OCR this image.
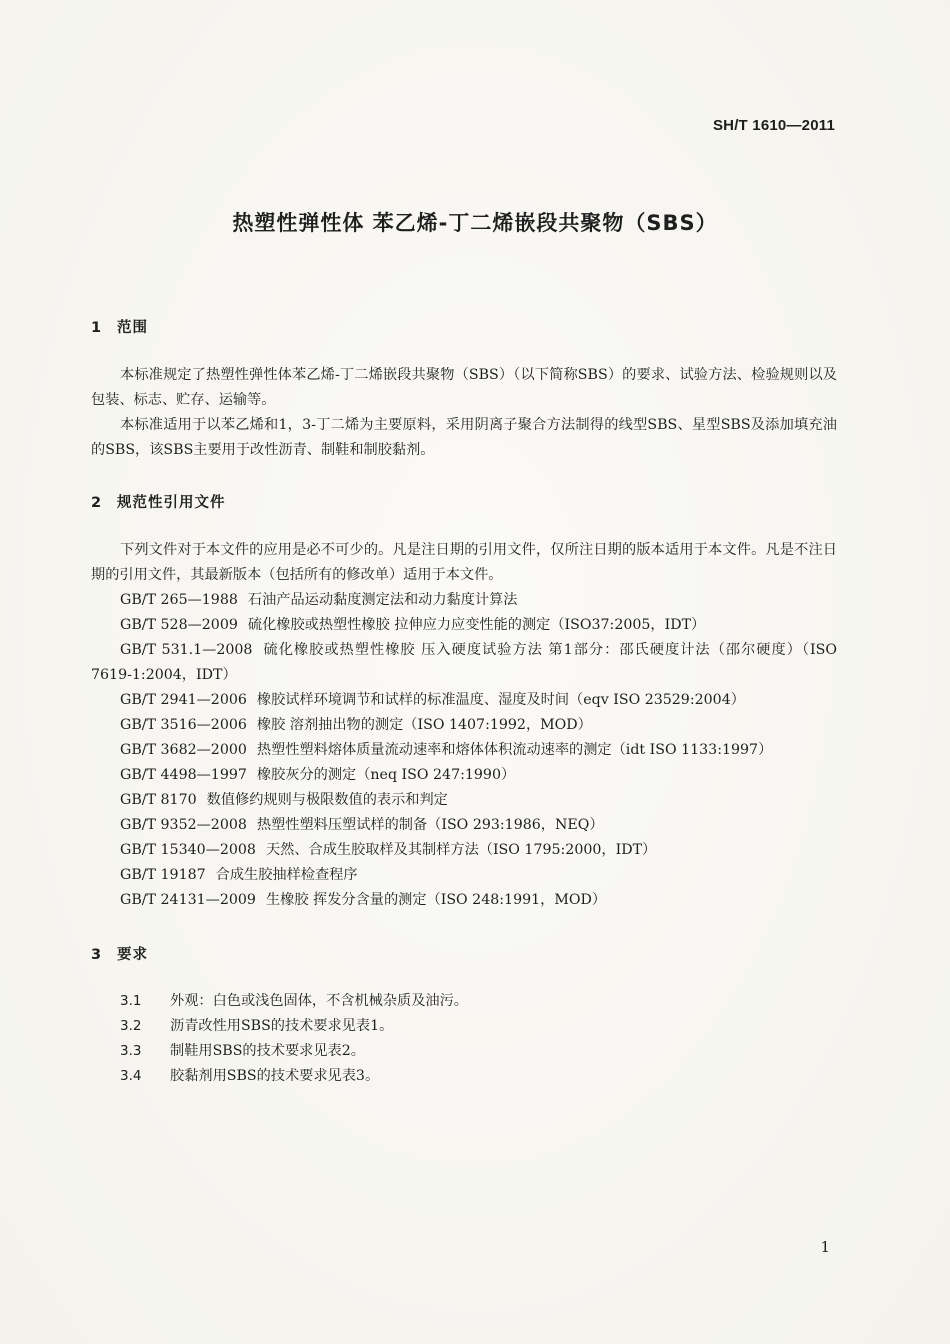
SH/T 1610—2011
热塑性弹性体 苯乙烯-丁二烯嵌段共聚物（SBS）
1 范围
本标准规定了热塑性弹性体苯乙烯-丁二烯嵌段共聚物（SBS）（以下简称SBS）的要求、试验方法、检验规则以及包装、标志、贮存、运输等。
本标准适用于以苯乙烯和1，3-丁二烯为主要原料，采用阴离子聚合方法制得的线型SBS、星型SBS及添加填充油的SBS，该SBS主要用于改性沥青、制鞋和制胶黏剂。
2 规范性引用文件
下列文件对于本文件的应用是必不可少的。凡是注日期的引用文件，仅所注日期的版本适用于本文件。凡是不注日期的引用文件，其最新版本（包括所有的修改单）适用于本文件。
GB/T 265—1988 石油产品运动黏度测定法和动力黏度计算法
GB/T 528—2009 硫化橡胶或热塑性橡胶 拉伸应力应变性能的测定（ISO37:2005，IDT）
GB/T 531.1—2008 硫化橡胶或热塑性橡胶 压入硬度试验方法 第1部分：邵氏硬度计法（邵尔硬度）（ISO 7619-1:2004，IDT）
GB/T 2941—2006 橡胶试样环境调节和试样的标准温度、湿度及时间（eqv ISO 23529:2004）
GB/T 3516—2006 橡胶 溶剂抽出物的测定（ISO 1407:1992，MOD）
GB/T 3682—2000 热塑性塑料熔体质量流动速率和熔体体积流动速率的测定（idt ISO 1133:1997）
GB/T 4498—1997 橡胶灰分的测定（neq ISO 247:1990）
GB/T 8170 数值修约规则与极限数值的表示和判定
GB/T 9352—2008 热塑性塑料压塑试样的制备（ISO 293:1986，NEQ）
GB/T 15340—2008 天然、合成生胶取样及其制样方法（ISO 1795:2000，IDT）
GB/T 19187 合成生胶抽样检查程序
GB/T 24131—2009 生橡胶 挥发分含量的测定（ISO 248:1991，MOD）
3 要求
3.1 外观：白色或浅色固体，不含机械杂质及油污。
3.2 沥青改性用SBS的技术要求见表1。
3.3 制鞋用SBS的技术要求见表2。
3.4 胶黏剂用SBS的技术要求见表3。
1
